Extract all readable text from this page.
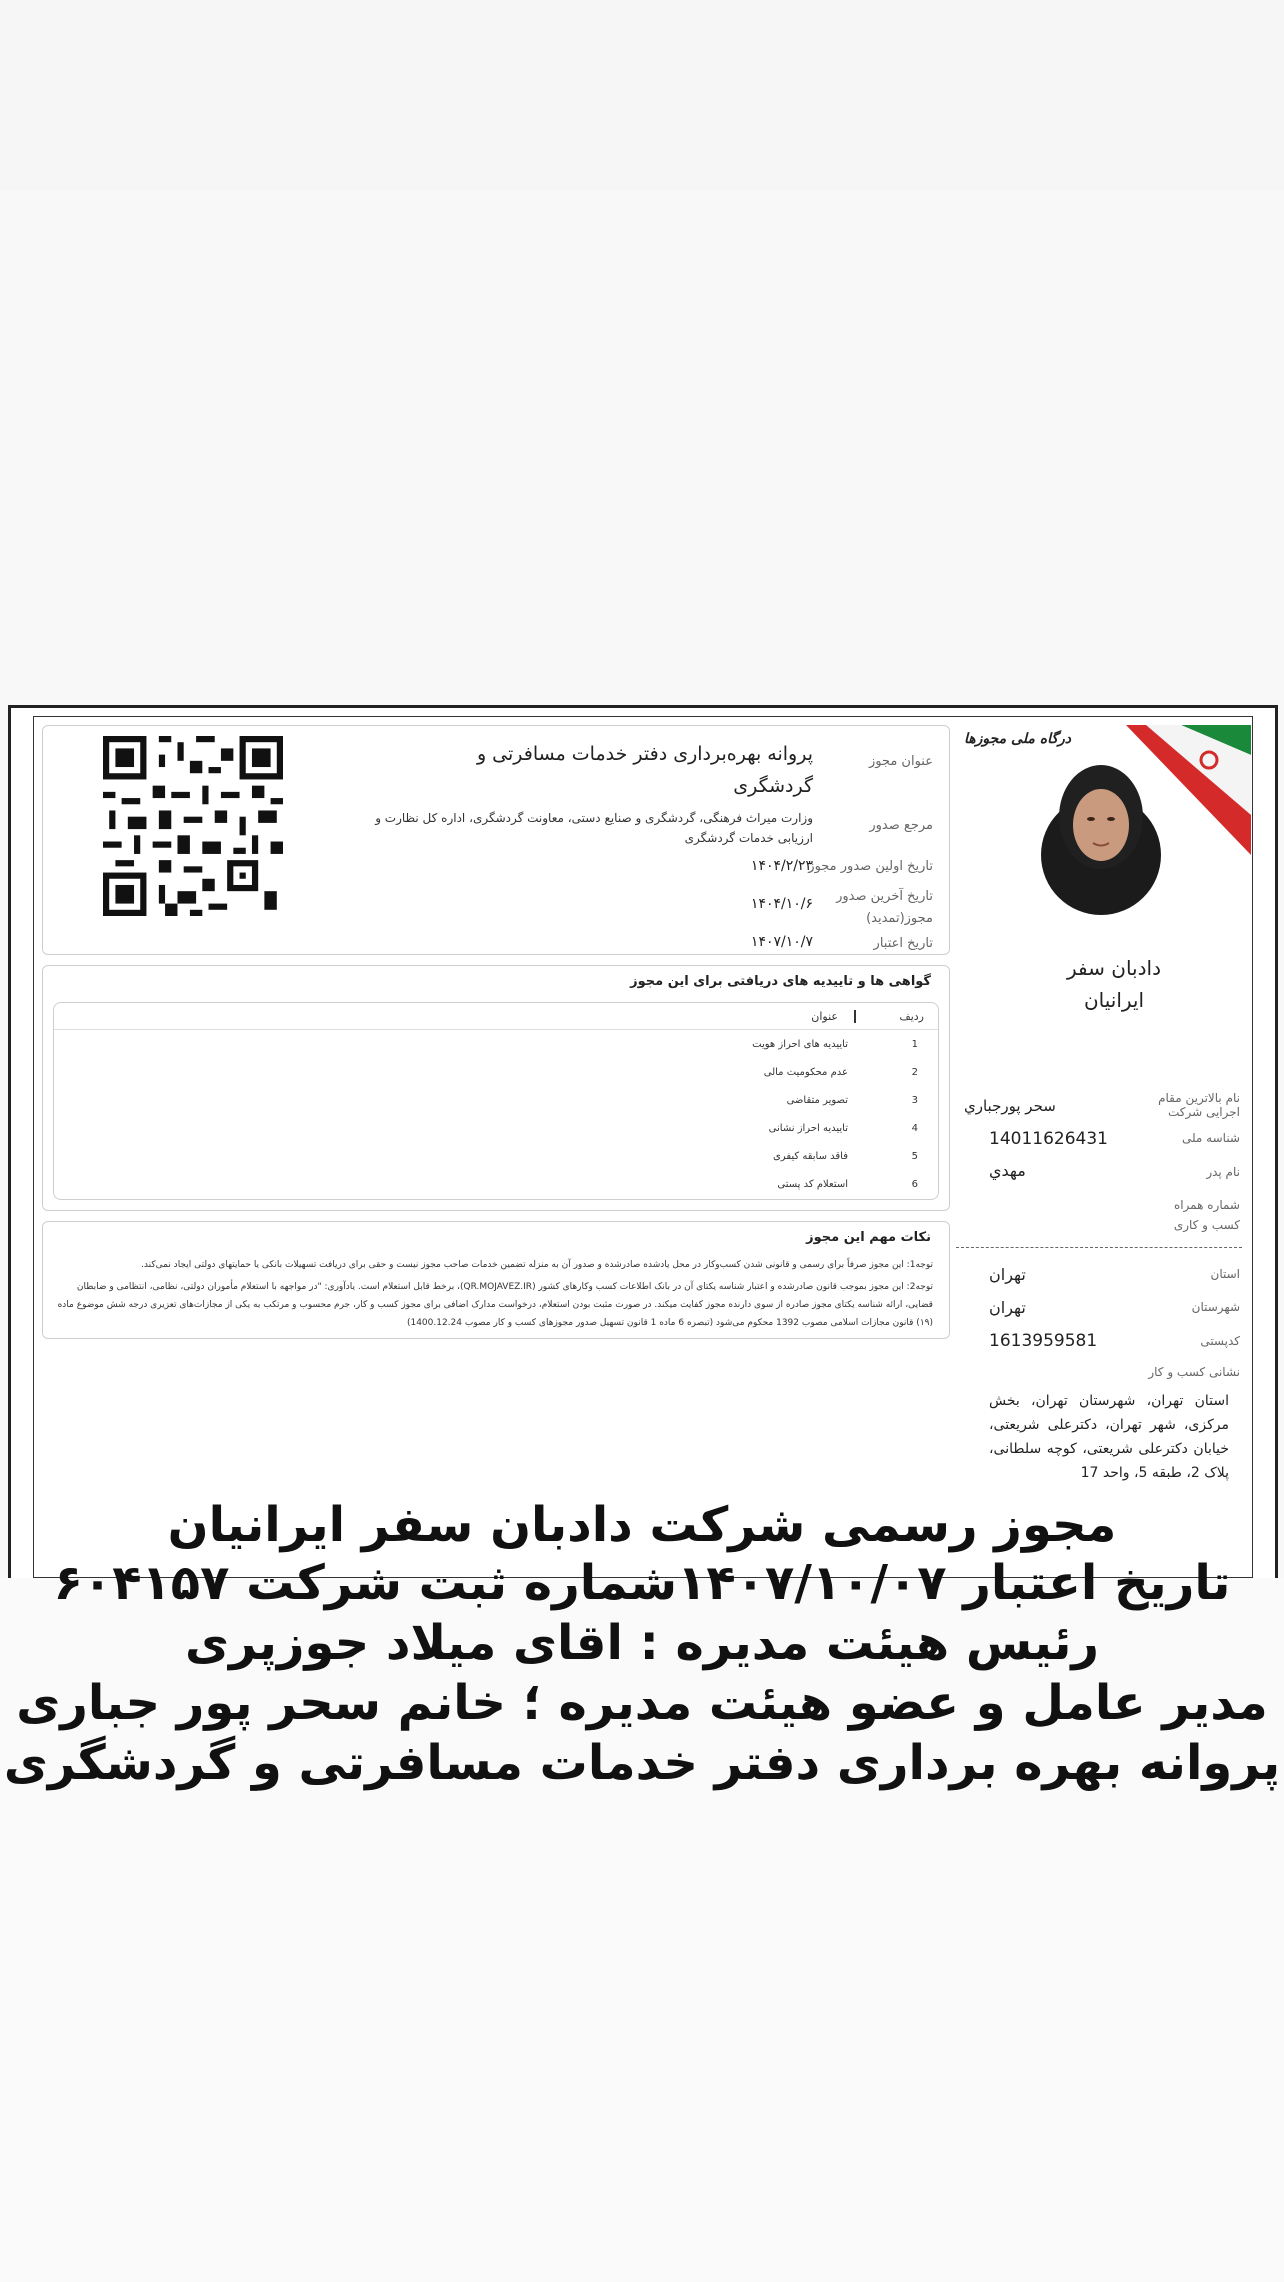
درگاه ملی مجوزها
دادبان سفر ایرانیان
نام بالاترین مقام اجرایی شرکت
سحر پورجباري
شناسه ملی
14011626431
نام پدر
مهدي
شماره همراه کسب و کاری
استان
تهران
شهرستان
تهران
کدپستی
1613959581
نشانی کسب و کار
استان تهران، شهرستان تهران، بخش مرکزی، شهر تهران، دکترعلی شریعتی، خیابان دکترعلی شریعتی، کوچه سلطانی، پلاک 2، طبقه 5، واحد 17
عنوان مجوز
پروانه بهره‌برداری دفتر خدمات مسافرتی و گردشگری
مرجع صدور
وزارت میراث فرهنگی، گردشگری و صنایع دستی، معاونت گردشگری، اداره کل نظارت و ارزیابی خدمات گردشگری
تاریخ اولین صدور مجوز
۱۴۰۴/۲/۲۳
تاریخ آخرین صدور مجوز(تمدید)
۱۴۰۴/۱۰/۶
تاریخ اعتبار
۱۴۰۷/۱۰/۷
گواهی ها و تاییدیه های دریافتی برای این مجوز
ردیف
عنوان
1
تاییدیه های احراز هویت
2
عدم محکومیت مالی
3
تصویر متقاضی
4
تاییدیه احراز نشانی
5
فاقد سابقه کیفری
6
استعلام کد پستی
نکات مهم این مجوز

توجه1: این مجوز صرفاً برای رسمی و قانونی شدن کسب‌وکار در محل یادشده صادرشده و صدور آن به منزله تضمین خدمات صاحب مجوز نیست و حقی برای دریافت تسهیلات بانکی یا حمایتهای دولتی ایجاد نمی‌کند.

توجه2: این مجوز بموجب قانون صادرشده و اعتبار شناسه یکتای آن در بانک اطلاعات کسب وکارهای کشور (QR.MOJAVEZ.IR)، برخط قابل استعلام است. یادآوری: "در مواجهه با استعلام مأموران دولتی، نظامی، انتظامی و ضابطان قضایی، ارائه شناسه یکتای مجوز صادره از سوی دارنده مجوز کفایت میکند. در صورت مثبت بودن استعلام، درخواست مدارک اضافی برای مجوز کسب و کار، جرم محسوب و مرتکب به یکی از مجازات‌های تعزیری درجه شش موضوع ماده (۱۹) قانون مجازات اسلامی مصوب 1392 محکوم می‌شود (تبصره 6 ماده 1 قانون تسهیل صدور مجوزهای کسب و کار مصوب 1400.12.24)

مجوز رسمی شرکت دادبان سفر ایرانیان
تاریخ اعتبار ۱۴۰۷/۱۰/۰۷شماره ثبت شرکت ۶۰۴۱۵۷
رئیس هیئت مدیره : اقای میلاد جوزپری
مدیر عامل و عضو هیئت مدیره ؛ خانم سحر پور جباری
پروانه بهره برداری دفتر خدمات مسافرتی و گردشگری
